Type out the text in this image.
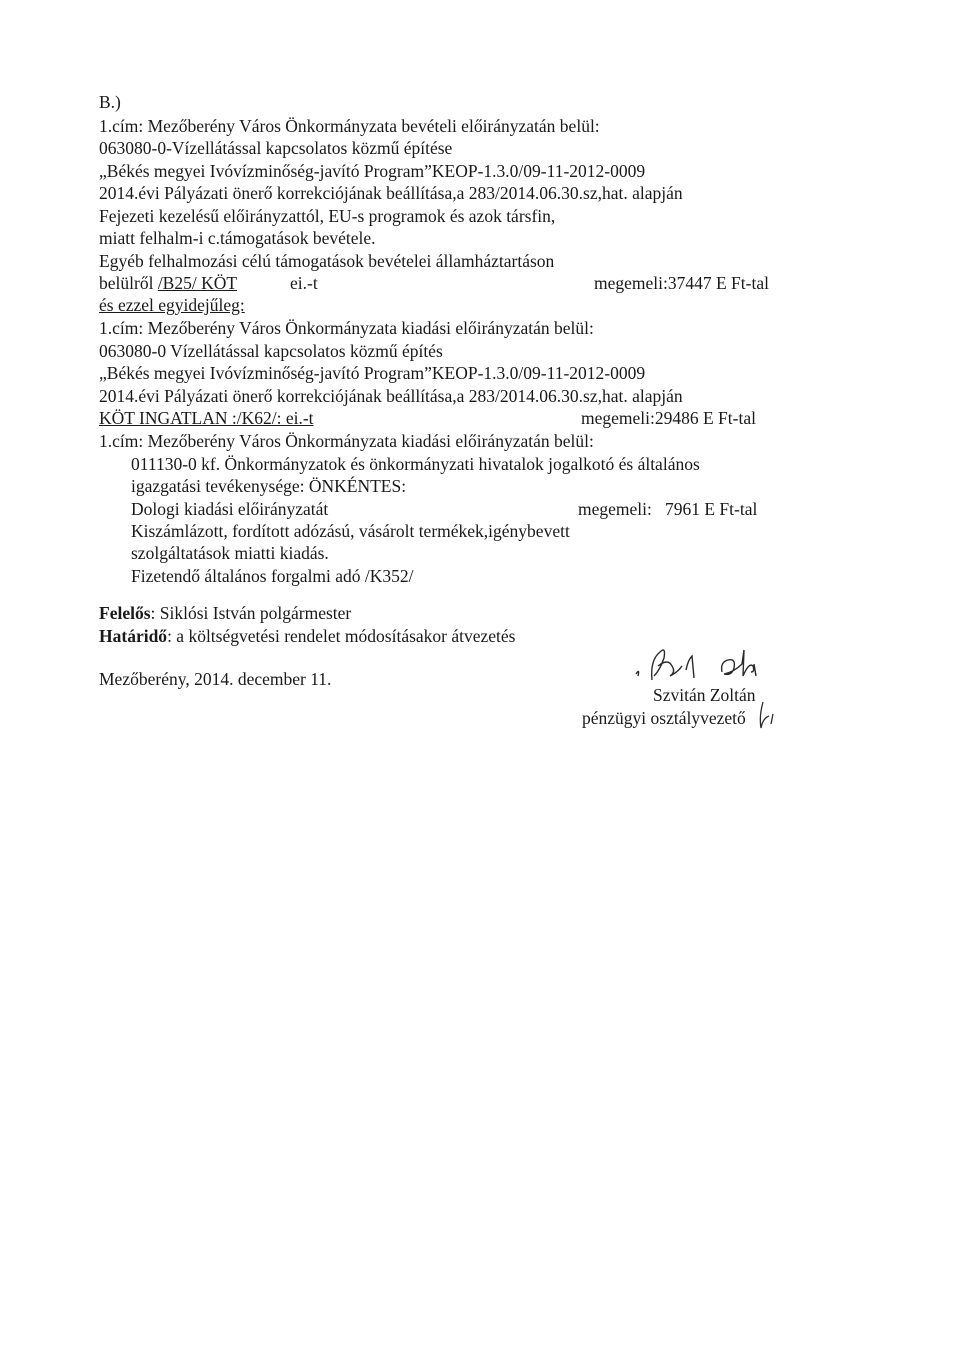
B.)
1.cím: Mezőberény Város Önkormányzata bevételi előirányzatán belül:
063080-0-Vízellátással kapcsolatos közmű építése
„Békés megyei Ivóvízminőség-javító Program”KEOP-1.3.0/09-11-2012-0009
2014.évi Pályázati önerő korrekciójának beállítása,a 283/2014.06.30.sz,hat. alapján
Fejezeti kezelésű előirányzattól, EU-s programok és azok társfin,
miatt felhalm-i c.támogatások bevétele.
Egyéb felhalmozási célú támogatások bevételei államháztartáson
belülről /B25/ KÖT	ei.-t	megemeli:37447 E Ft-tal
és ezzel egyidejűleg:
1.cím: Mezőberény Város Önkormányzata kiadási előirányzatán belül:
063080-0 Vízellátással kapcsolatos közmű építés
„Békés megyei Ivóvízminőség-javító Program”KEOP-1.3.0/09-11-2012-0009
2014.évi Pályázati önerő korrekciójának beállítása,a 283/2014.06.30.sz,hat. alapján
KÖT INGATLAN :/K62/: ei.-t	megemeli:29486 E Ft-tal
1.cím: Mezőberény Város Önkormányzata kiadási előirányzatán belül:
011130-0 kf. Önkormányzatok és önkormányzati hivatalok jogalkotó és általános
igazgatási tevékenysége: ÖNKÉNTES:
Dologi kiadási előirányzatát	megemeli:   7961 E Ft-tal
Kiszámlázott, fordított adózású, vásárolt termékek,igénybevett
szolgáltatások miatti kiadás.
Fizetendő általános forgalmi adó /K352/
Felelős: Siklósi István polgármester
Határidő: a költségvetési rendelet módosításakor átvezetés
Mezőberény, 2014. december 11.
Szvitán Zoltán
pénzügyi osztályvezető
